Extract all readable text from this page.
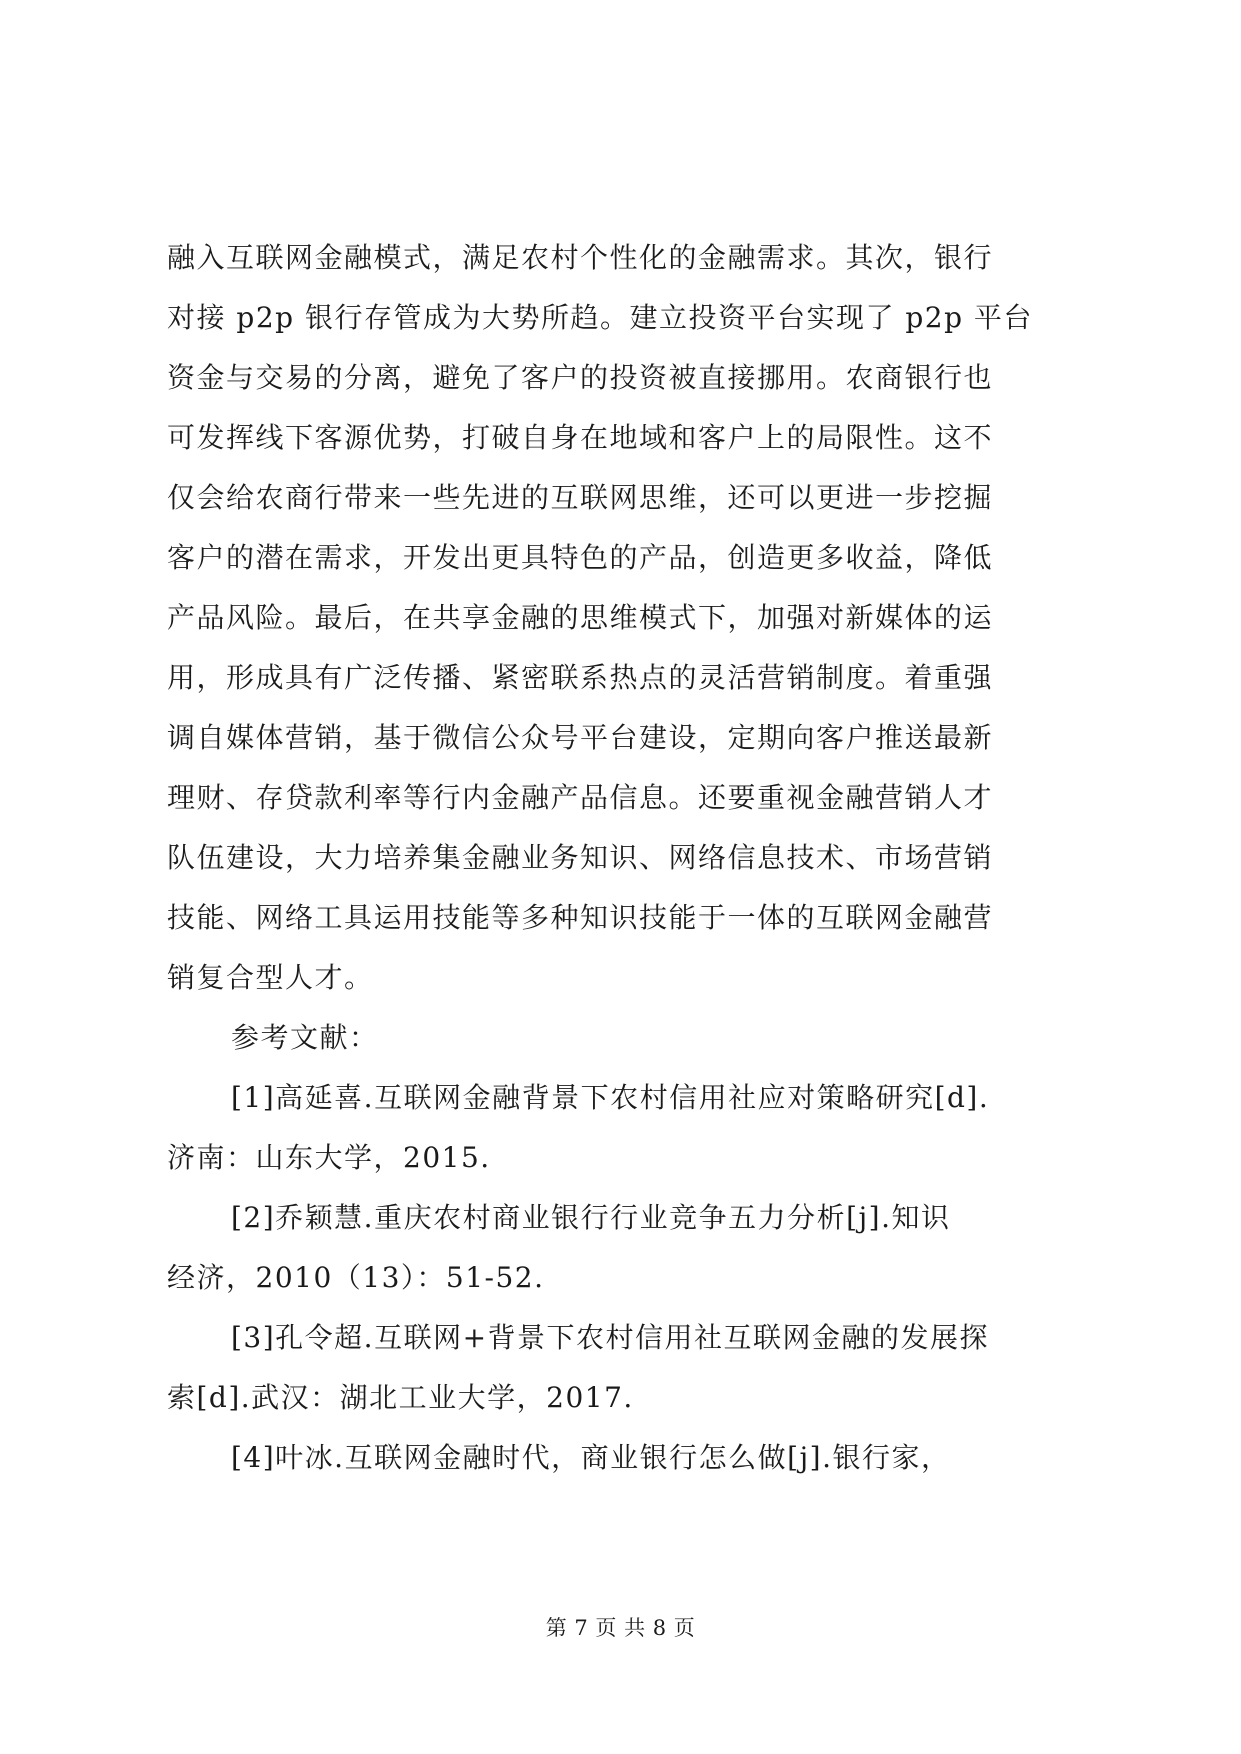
融入互联网金融模式，满足农村个性化的金融需求。其次，银行
对接 p2p 银行存管成为大势所趋。建立投资平台实现了 p2p 平台
资金与交易的分离，避免了客户的投资被直接挪用。农商银行也
可发挥线下客源优势，打破自身在地域和客户上的局限性。这不
仅会给农商行带来一些先进的互联网思维，还可以更进一步挖掘
客户的潜在需求，开发出更具特色的产品，创造更多收益，降低
产品风险。最后，在共享金融的思维模式下，加强对新媒体的运
用，形成具有广泛传播、紧密联系热点的灵活营销制度。着重强
调自媒体营销，基于微信公众号平台建设，定期向客户推送最新
理财、存贷款利率等行内金融产品信息。还要重视金融营销人才
队伍建设，大力培养集金融业务知识、网络信息技术、市场营销
技能、网络工具运用技能等多种知识技能于一体的互联网金融营
销复合型人才。
参考文献：
[1]高延喜.互联网金融背景下农村信用社应对策略研究[d].
济南：山东大学，2015.
[2]乔颖慧.重庆农村商业银行行业竞争五力分析[j].知识
经济，2010（13）：51-52.
[3]孔令超.互联网+背景下农村信用社互联网金融的发展探
索[d].武汉：湖北工业大学，2017.
[4]叶冰.互联网金融时代，商业银行怎么做[j].银行家，
第 7 页 共 8 页
